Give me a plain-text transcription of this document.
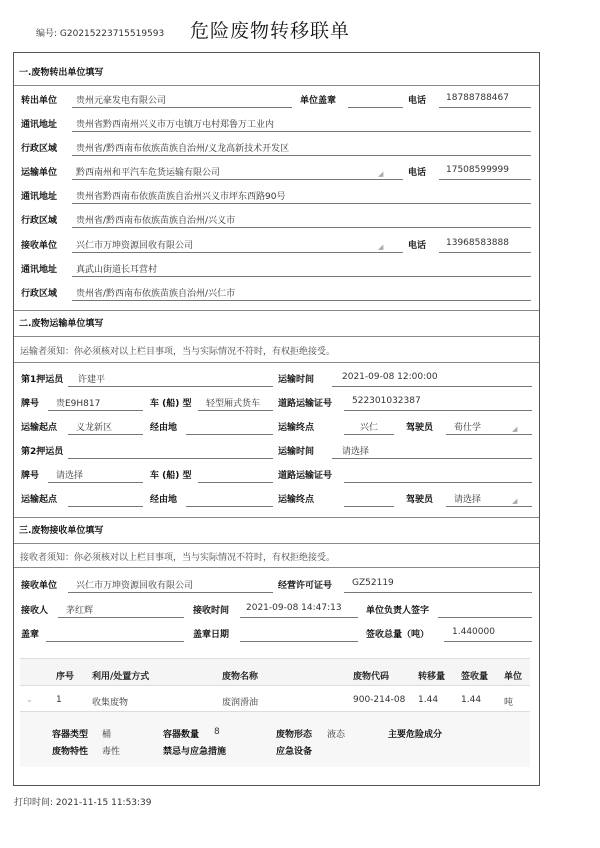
编号: G20215223715519593 危险废物转移联单
一.废物转出单位填写
转出单位 贵州元豪发电有限公司	单位盖章	电话 18788788467
通讯地址 贵州省黔西南州兴义市万屯镇万屯村郑鲁万工业内
行政区域 贵州省/黔西南布依族苗族自治州/义龙高新技术开发区
运输单位 黔西南州和平汽车危货运输有限公司	◢	电话 17508599999
通讯地址 贵州省黔西南布依族苗族自治州兴义市坪东西路90号
行政区域 贵州省/黔西南布依族苗族自治州/兴义市
接收单位 兴仁市万坤资源回收有限公司	◢	电话 13968583888
通讯地址 真武山街道长耳营村
行政区域 贵州省/黔西南布依族苗族自治州/兴仁市
二.废物运输单位填写
运输者须知：你必须核对以上栏目事项，当与实际情况不符时，有权拒绝接受。
第1押运员 许建平	运输时间	2021-09-08 12:00:00
牌号 贵E9H817	车 (船) 型 轻型厢式货车 道路运输证号 522301032387
运输起点 义龙新区	经由地	运输终点	兴仁	驾驶员 荀仕学	◢
第2押运员	运输时间	请选择
牌号 请选择	车 (船) 型	道路运输证号
运输起点	经由地	运输终点	驾驶员 请选择	◢
三.废物接收单位填写
接收者须知：你必须核对以上栏目事项，当与实际情况不符时，有权拒绝接受。
接收单位 兴仁市万坤资源回收有限公司	经营许可证号 GZ52119
接收人 茅红辉	接收时间 2021-09-08 14:47:13	单位负责人签字
盖章	盖章日期	签收总量（吨）	1.440000
序号 利用/处置方式	废物名称	废物代码	转移量 签收量 单位
⌄	1	收集废物	废润滑油	900-214-08 1.44	1.44	吨
容器类型 桶	容器数量 8	废物形态 液态	主要危险成分
废物特性 毒性	禁忌与应急措施	应急设备
打印时间: 2021-11-15 11:53:39
